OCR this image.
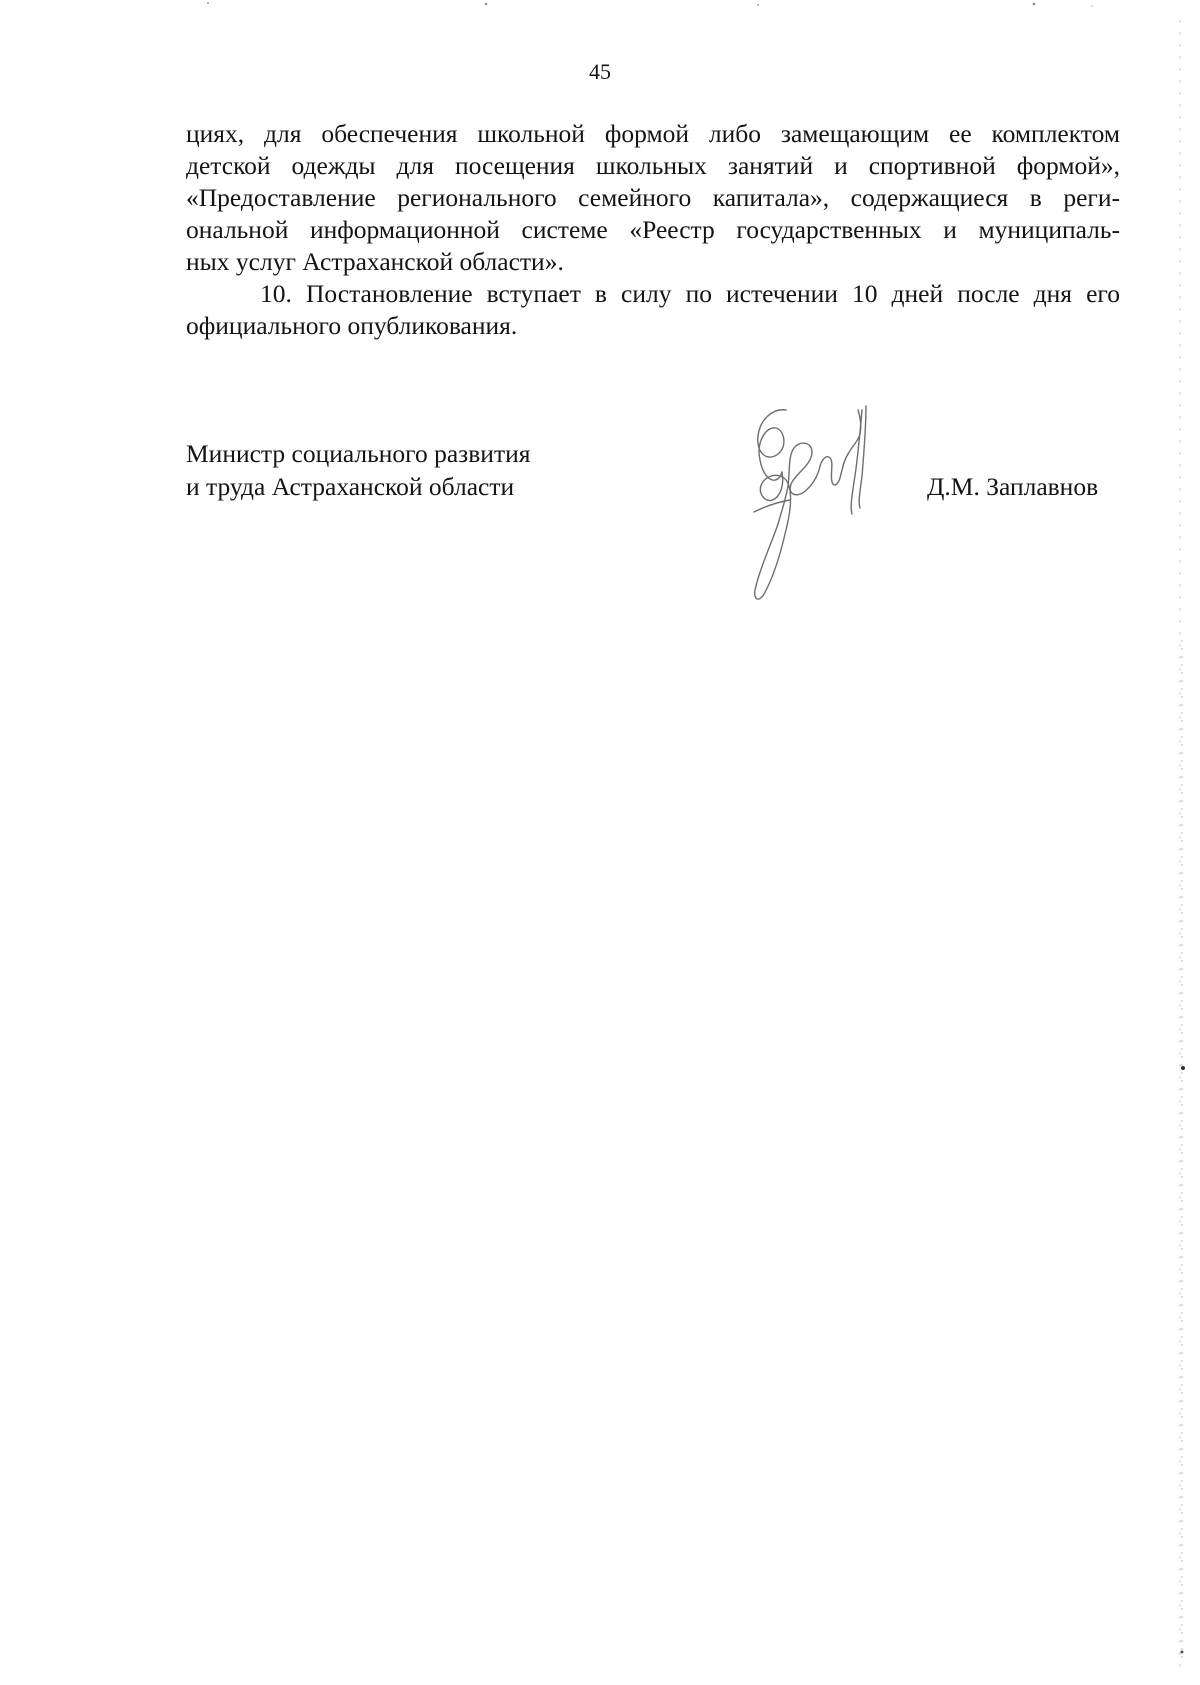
45
циях, для обеспечения школьной формой либо замещающим ее комплектом
детской одежды для посещения школьных занятий и спортивной формой»,
«Предоставление регионального семейного капитала», содержащиеся в реги-
ональной информационной системе «Реестр государственных и муниципаль-
ных услуг Астраханской области».
10. Постановление вступает в силу по истечении 10 дней после дня его
официального опубликования.
Министр социального развития
и труда Астраханской области	Д.М. Заплавнов
